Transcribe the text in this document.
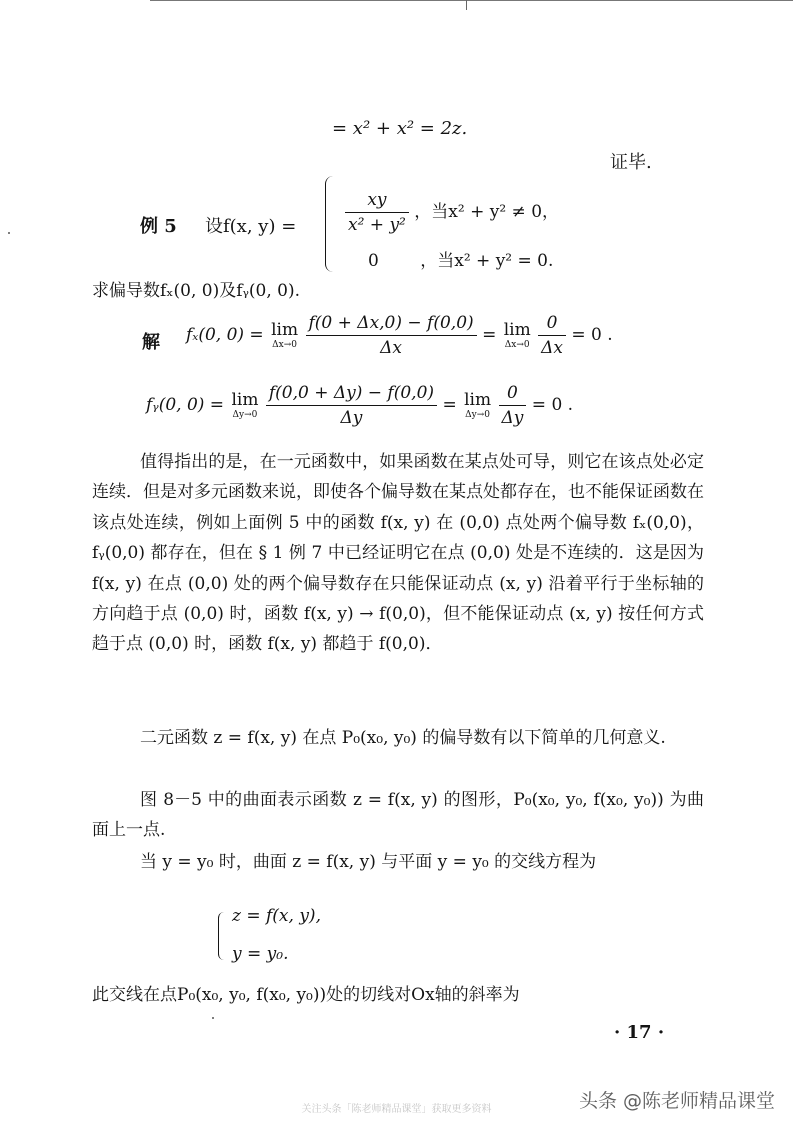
= x² + x² = 2z.
证毕.
例 5 设f(x, y) =	$\frac{xy}{\text{x² + y²}}$ ，当x² + y² ≠ 0，
0 ，当x² + y² = 0.
求偏导数fₓ(0, 0)及fᵧ(0, 0).
解 fₓ(0, 0) = lim
Δx→0
$\frac{f(0 + \Delta x,0) - f(0,0)}{\Delta x} = \lim$
Δx→0
$\frac{0}{\Delta x} = 0$ .
fᵧ(0, 0) = lim
Δy→0
$\frac{f(0,0 + \Delta y) - f(0,0)}{\Delta y} = \lim$
Δy→0
$\frac{0}{\Delta y} = 0$ .
值得指出的是，在一元函数中，如果函数在某点处可导，则它在该点处必定连续．但是对多元函数来说，即使各个偏导数在某点处都存在，也不能保证函数在该点处连续，例如上面例 5 中的函数 f(x, y) 在 (0,0) 点处两个偏导数 fₓ(0,0)，fᵧ(0,0) 都存在，但在 § 1 例 7 中已经证明它在点 (0,0) 处是不连续的．这是因为 f(x, y) 在点 (0,0) 处的两个偏导数存在只能保证动点 (x, y) 沿着平行于坐标轴的方向趋于点 (0,0) 时，函数 f(x, y) → f(0,0)，但不能保证动点 (x, y) 按任何方式趋于点 (0,0) 时，函数 f(x, y) 都趋于 f(0,0)．
二元函数 z = f(x, y) 在点 P₀(x₀, y₀) 的偏导数有以下简单的几何意义.
图 8－5 中的曲面表示函数 z = f(x, y) 的图形，P₀(x₀, y₀, f(x₀, y₀)) 为曲面上一点.
当 y = y₀ 时，曲面 z = f(x, y) 与平面 y = y₀ 的交线方程为
z = f(x, y),
y = y₀.
此交线在点P₀(x₀, y₀, f(x₀, y₀))处的切线对Ox轴的斜率为
· 17 ·
头条 @陈老师精品课堂
关注头条「陈老师精品课堂」获取更多资料
